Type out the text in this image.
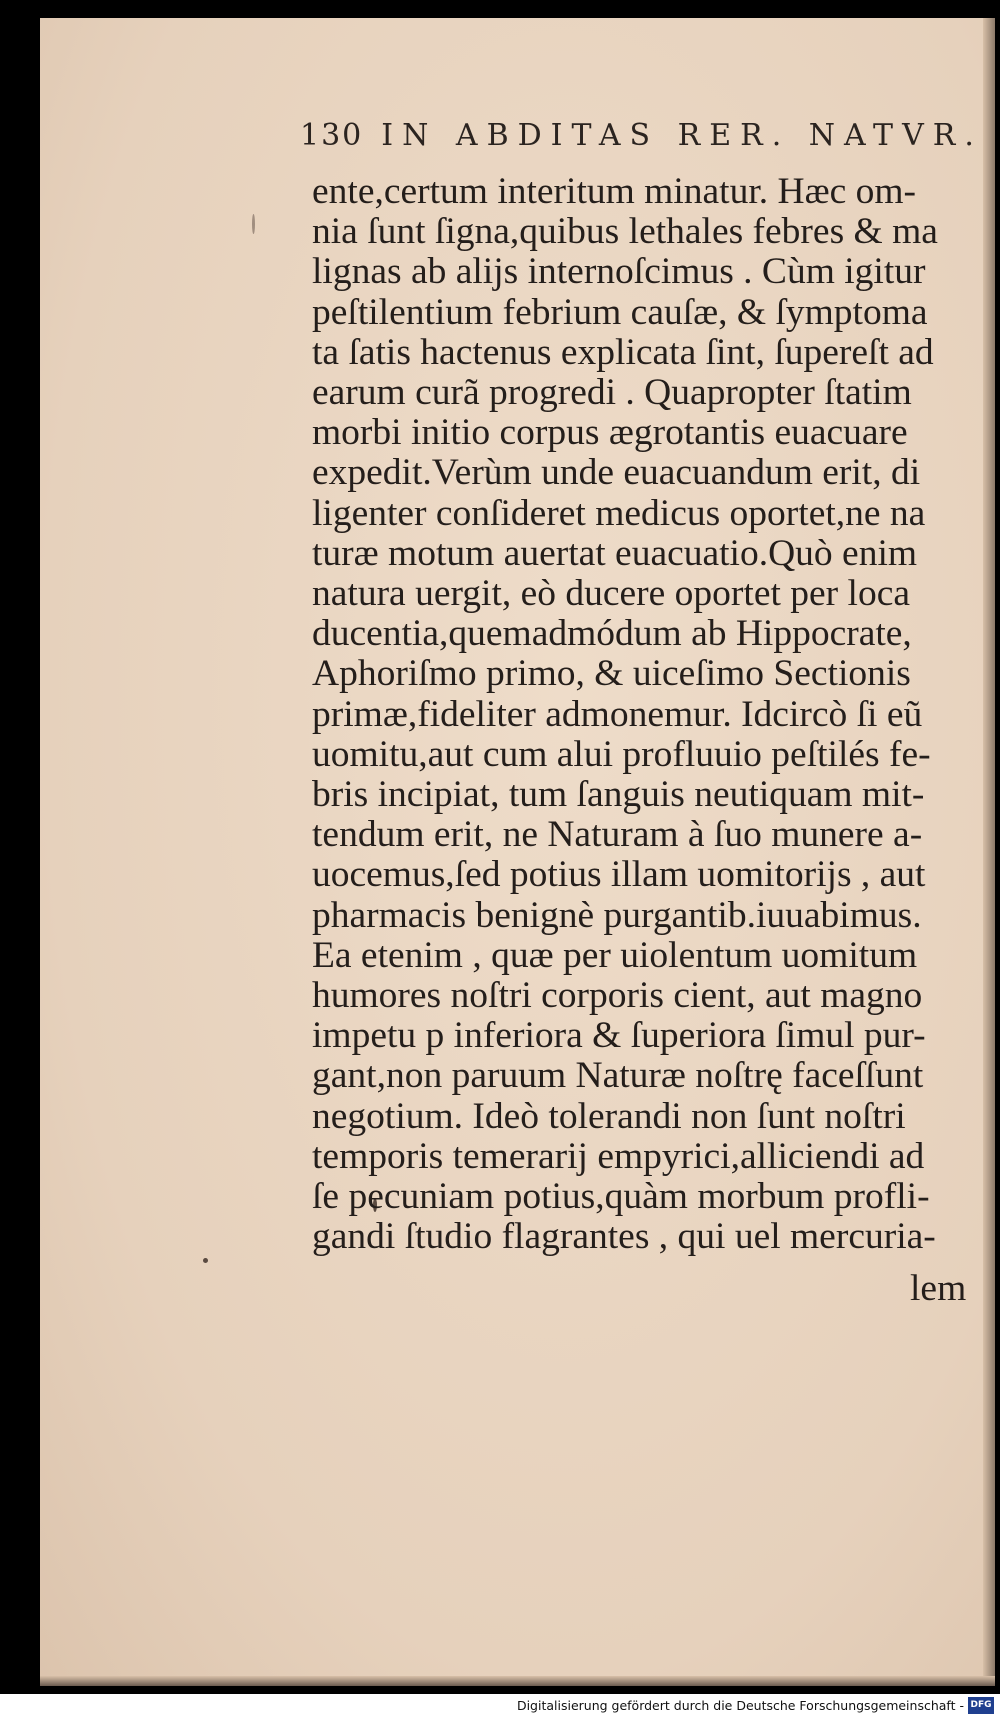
130 IN ABDITAS RER. NATVR.
ente,certum interitum minatur. Hæc om-
nia ſunt ſigna,quibus lethales febres & ma
lignas ab alijs internoſcimus . Cùm igitur
peſtilentium febrium cauſæ, & ſymptoma
ta ſatis hactenus explicata ſint, ſupereſt ad
earum curã progredi . Quapropter ſtatim
morbi initio corpus ægrotantis euacuare
expedit.Verùm unde euacuandum erit, di
ligenter conſideret medicus oportet,ne na
turæ motum auertat euacuatio.Quò enim
natura uergit, eò ducere oportet per loca
ducentia,quemadmódum ab Hippocrate,
Aphoriſmo primo, & uiceſimo Sectionis
primæ,fideliter admonemur. Idcircò ſi eũ
uomitu,aut cum alui profluuio peſtilés fe-
bris incipiat, tum ſanguis neutiquam mit-
tendum erit, ne Naturam à ſuo munere a-
uocemus,ſed potius illam uomitorijs , aut
pharmacis benignè purgantib.iuuabimus.
Ea etenim , quæ per uiolentum uomitum
humores noſtri corporis cient, aut magno
impetu p inferiora & ſuperiora ſimul pur-
gant,non paruum Naturæ noſtrę faceſſunt
negotium. Ideò tolerandi non ſunt noſtri
temporis temerarij empyrici,alliciendi ad
ſe pecuniam potius,quàm morbum profli-
gandi ſtudio flagrantes , qui uel mercuria-
lem
Digitalisierung gefördert durch die Deutsche Forschungsgemeinschaft - DFG
